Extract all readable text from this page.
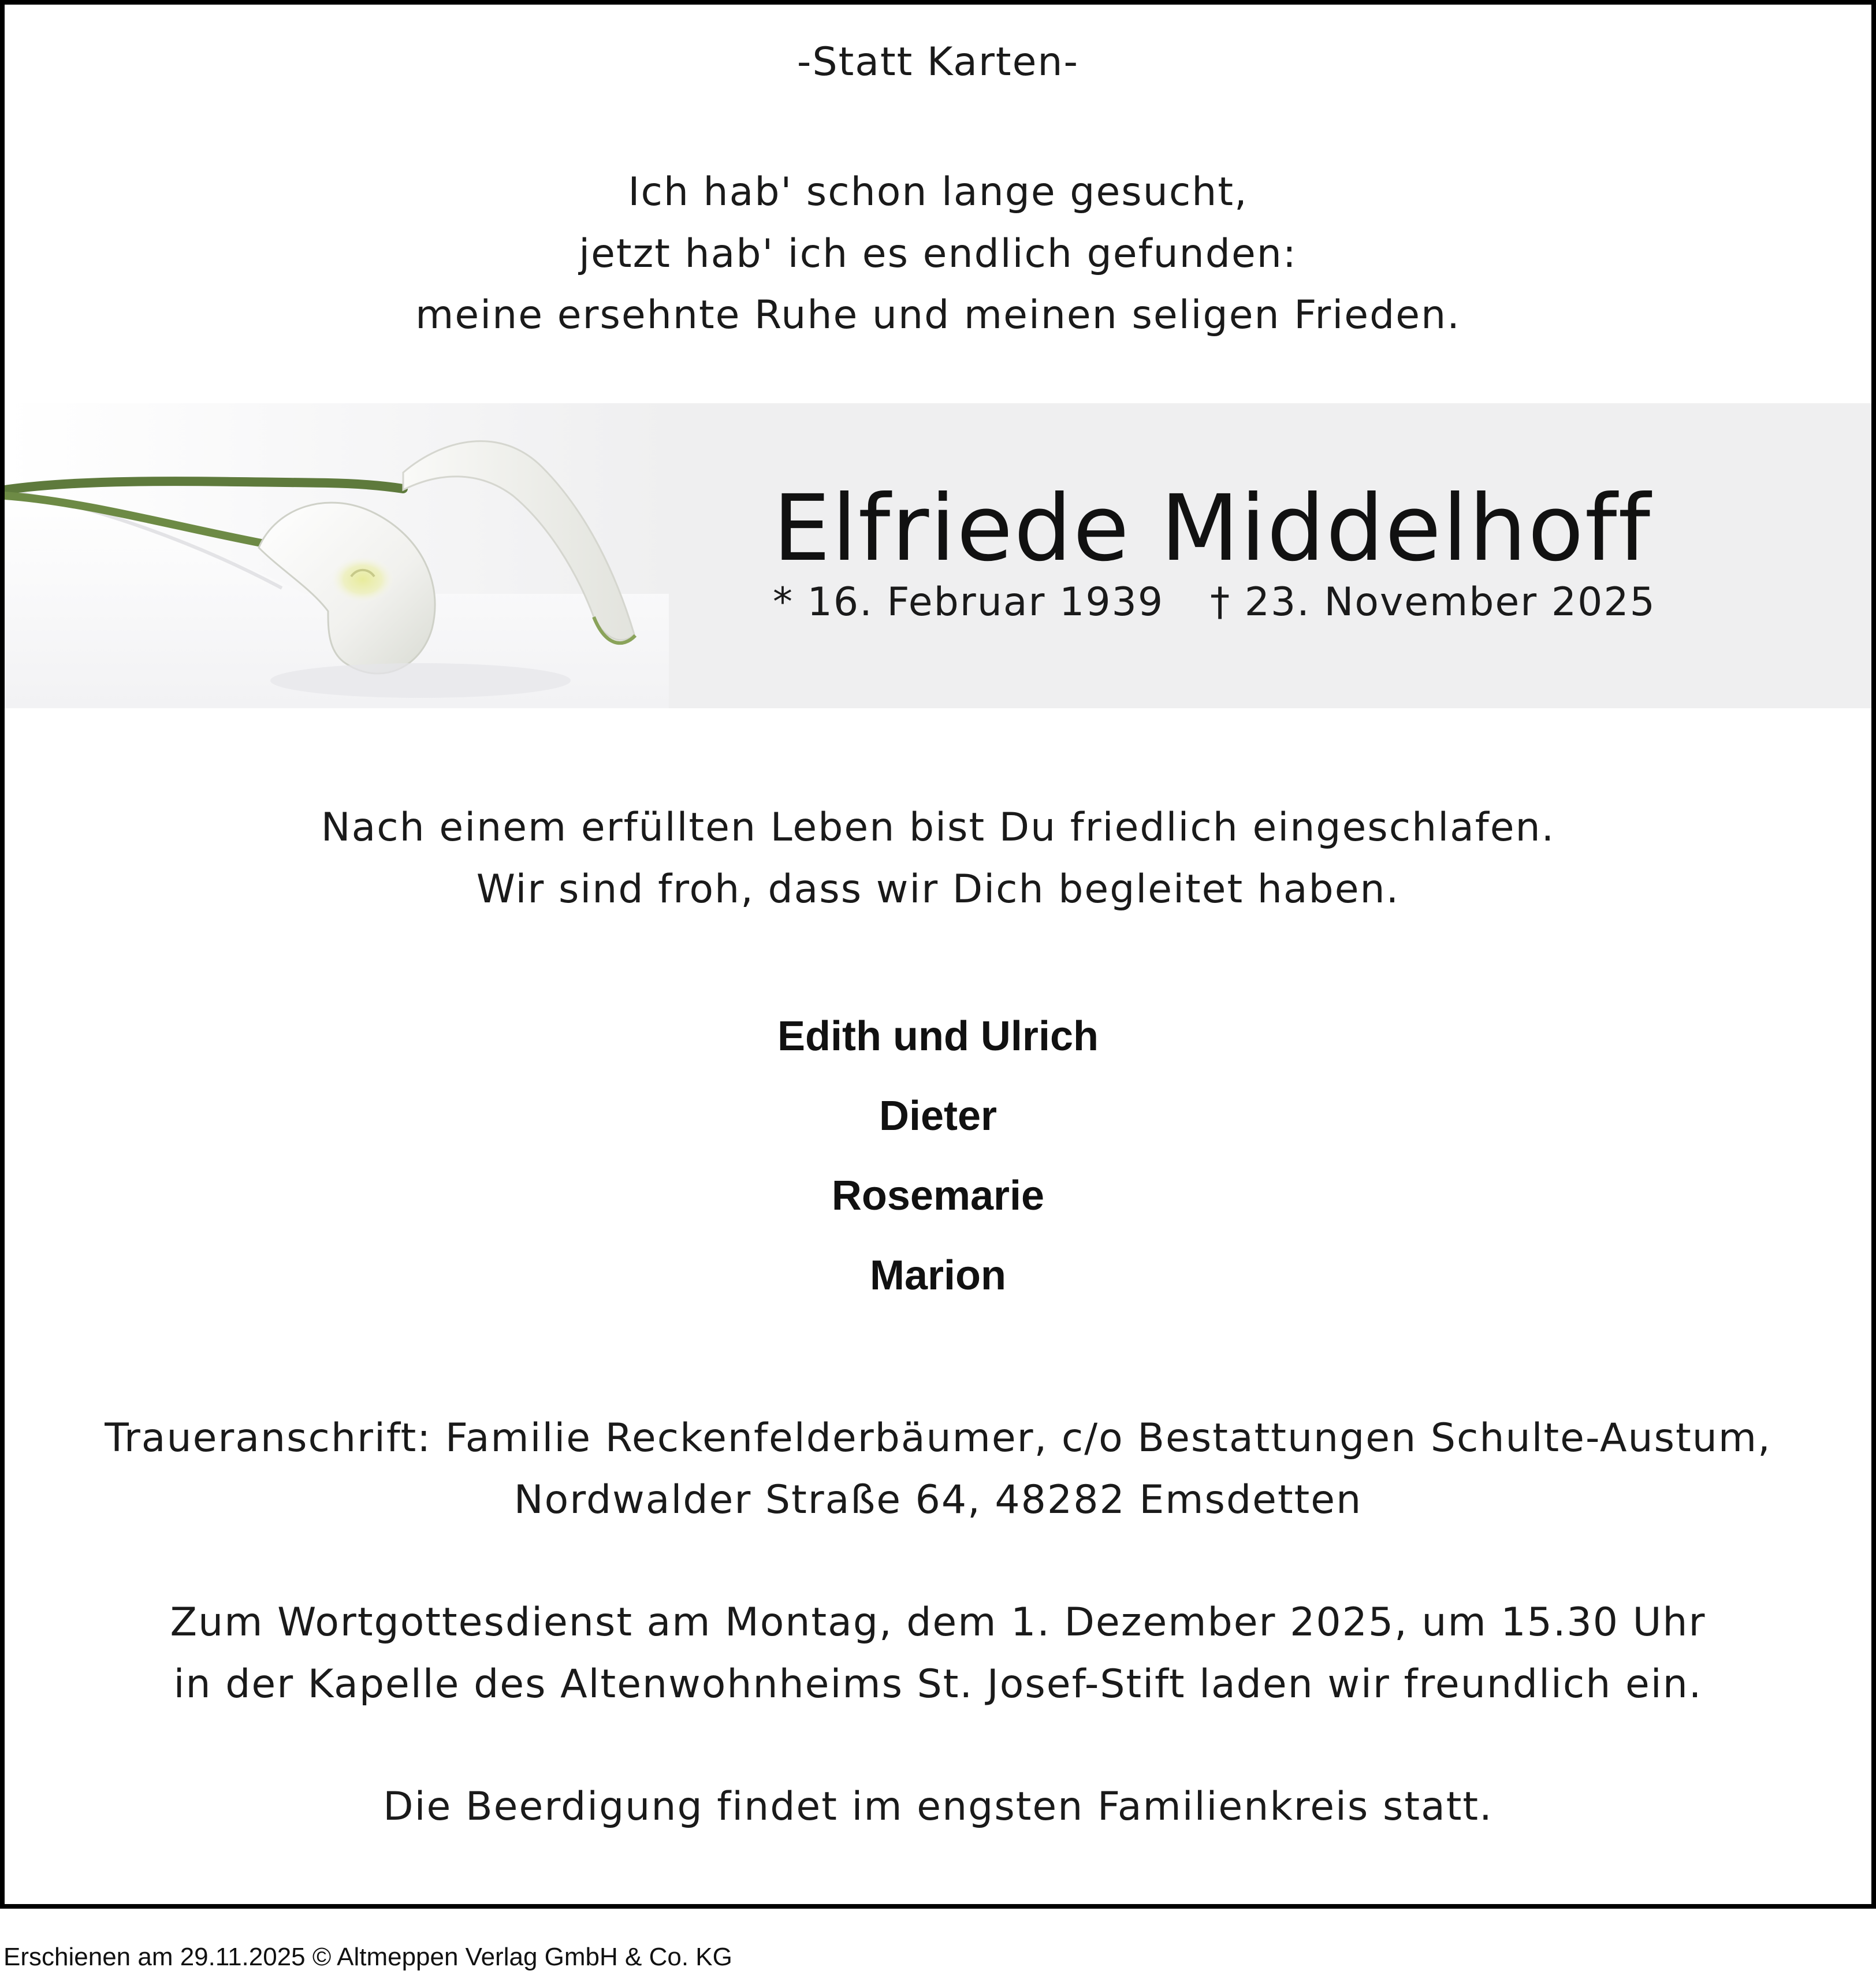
-Statt Karten-
Ich hab' schon lange gesucht,
jetzt hab' ich es endlich gefunden:
meine ersehnte Ruhe und meinen seligen Frieden.
Elfriede Middelhoff
* 16. Februar 1939 † 23. November 2025
Nach einem erfüllten Leben bist Du friedlich eingeschlafen.
Wir sind froh, dass wir Dich begleitet haben.
Edith und Ulrich
Dieter
Rosemarie
Marion
Traueranschrift: Familie Reckenfelderbäumer, c/o Bestattungen Schulte-Austum,
Nordwalder Straße 64, 48282 Emsdetten
Zum Wortgottesdienst am Montag, dem 1. Dezember 2025, um 15.30 Uhr
in der Kapelle des Altenwohnheims St. Josef-Stift laden wir freundlich ein.
Die Beerdigung findet im engsten Familienkreis statt.
Erschienen am 29.11.2025 © Altmeppen Verlag GmbH & Co. KG
